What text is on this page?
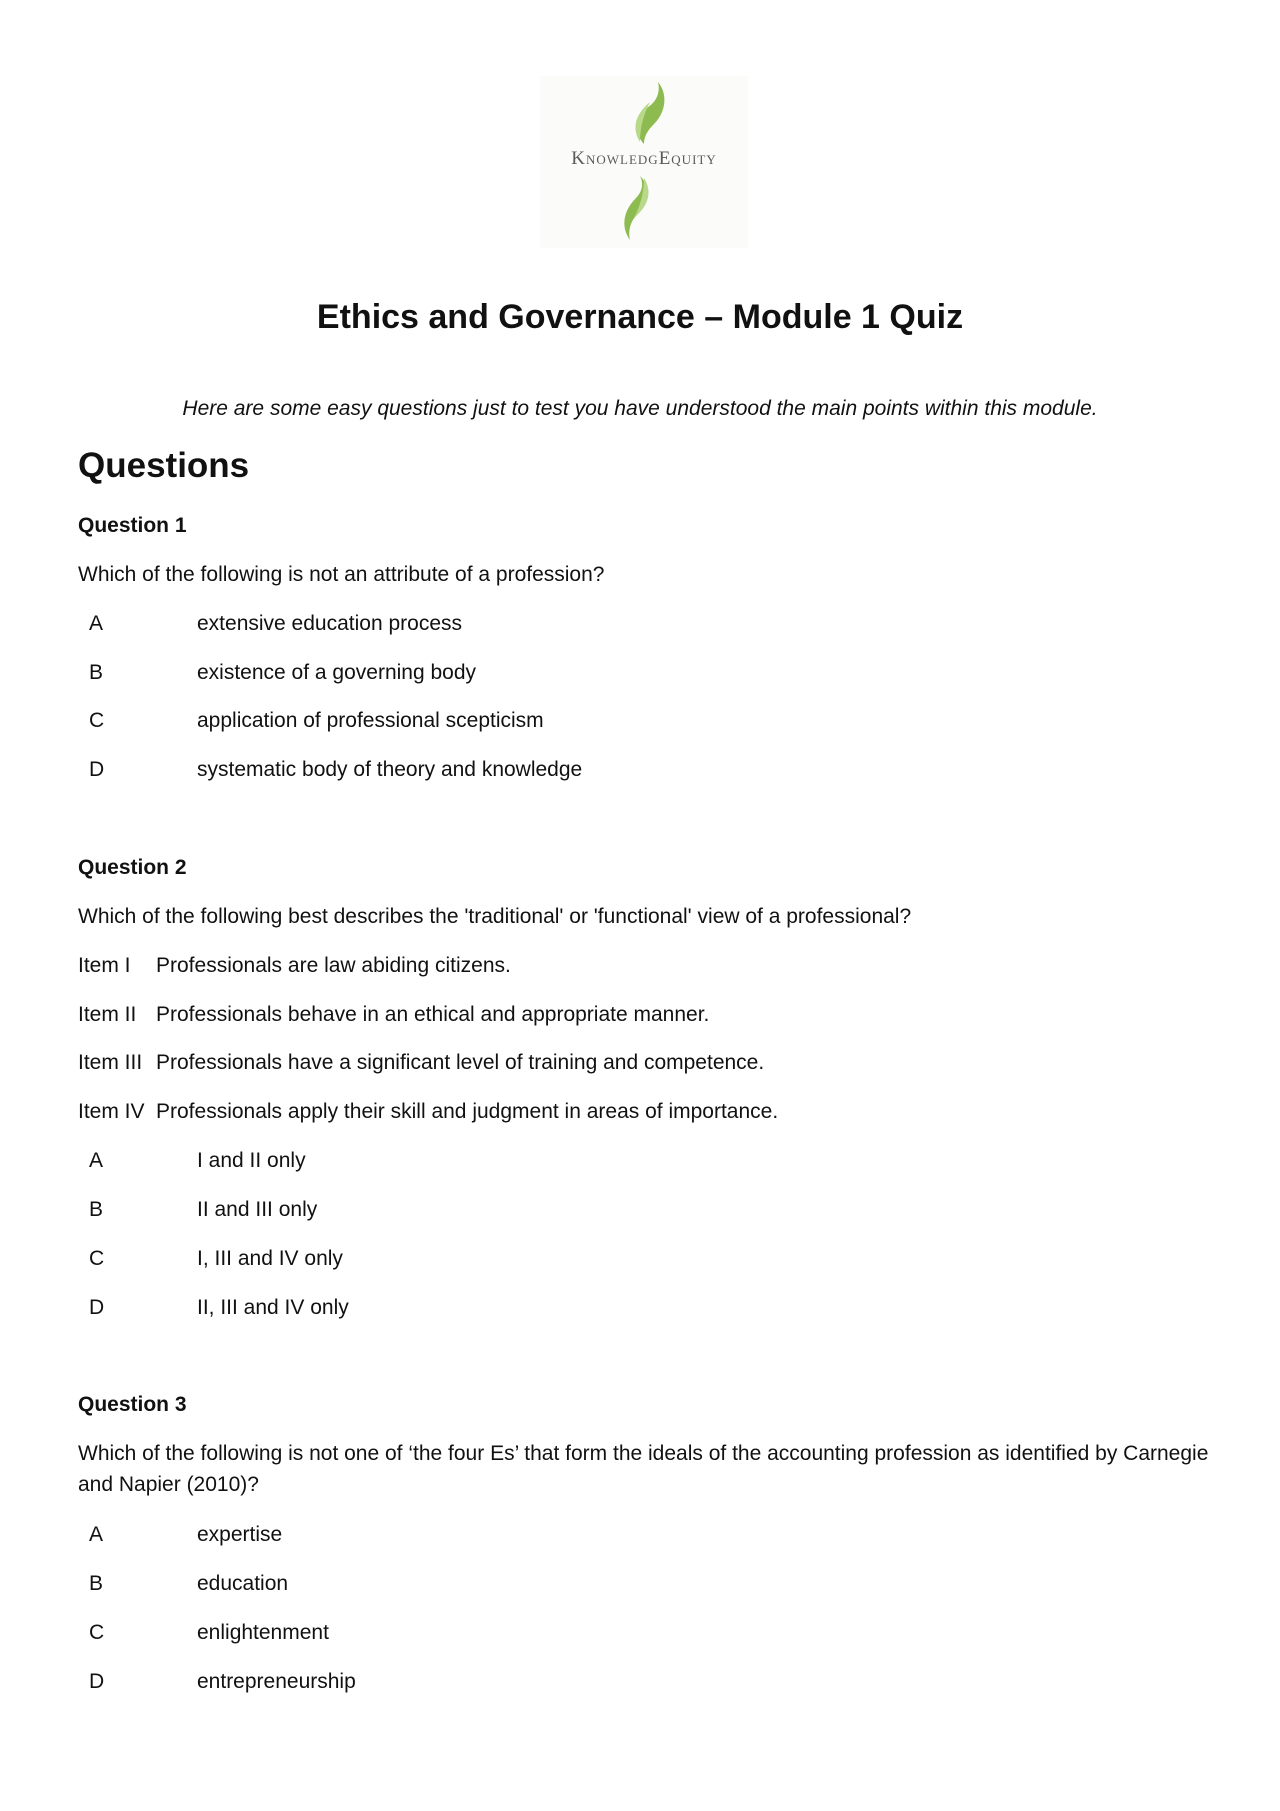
KnowledgEquity
Ethics and Governance – Module 1 Quiz
Here are some easy questions just to test you have understood the main points within this module.
Questions
Question 1
Which of the following is not an attribute of a profession?
A	extensive education process
B	existence of a governing body
C	application of professional scepticism
D	systematic body of theory and knowledge
Question 2
Which of the following best describes the 'traditional' or 'functional' view of a professional?
Item I Professionals are law abiding citizens.
Item II Professionals behave in an ethical and appropriate manner.
Item III Professionals have a significant level of training and competence.
Item IV Professionals apply their skill and judgment in areas of importance.
A	I and II only
B	II and III only
C	I, III and IV only
D	II, III and IV only
Question 3
Which of the following is not one of ‘the four Es’ that form the ideals of the accounting profession as identified by Carnegie and Napier (2010)?
A	expertise
B	education
C	enlightenment
D	entrepreneurship
